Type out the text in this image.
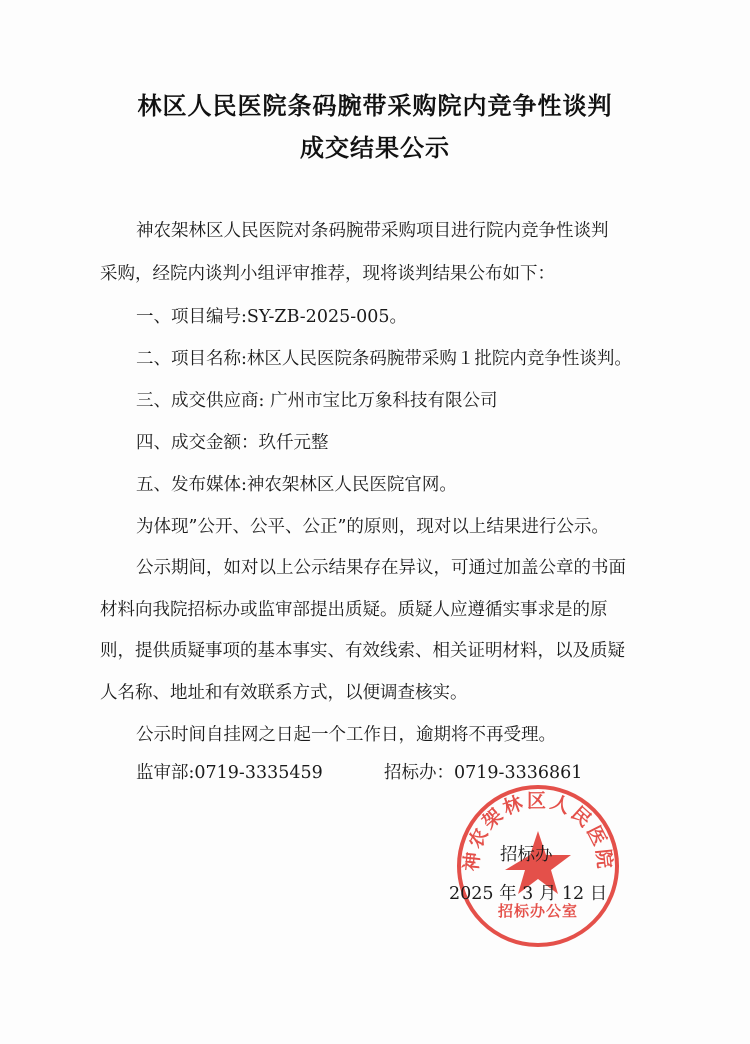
林区人民医院条码腕带采购院内竞争性谈判
成交结果公示
神农架林区人民医院对条码腕带采购项目进行院内竞争性谈判
采购，经院内谈判小组评审推荐，现将谈判结果公布如下：
一、项目编号:SY-ZB-2025-005。
二、项目名称:林区人民医院条码腕带采购１批院内竞争性谈判。
三、成交供应商: 广州市宝比万象科技有限公司
四、成交金额：玖仟元整
五、发布媒体:神农架林区人民医院官网。
为体现”公开、公平、公正”的原则，现对以上结果进行公示。
公示期间，如对以上公示结果存在异议，可通过加盖公章的书面
材料向我院招标办或监审部提出质疑。质疑人应遵循实事求是的原
则，提供质疑事项的基本事实、有效线索、相关证明材料，以及质疑
人名称、地址和有效联系方式，以便调查核实。
公示时间自挂网之日起一个工作日，逾期将不再受理。
监审部:0719-3335459	招标办：0719-3336861
神农架林区人民医院
招标办公室
招标办
2025 年 3 月 12 日
